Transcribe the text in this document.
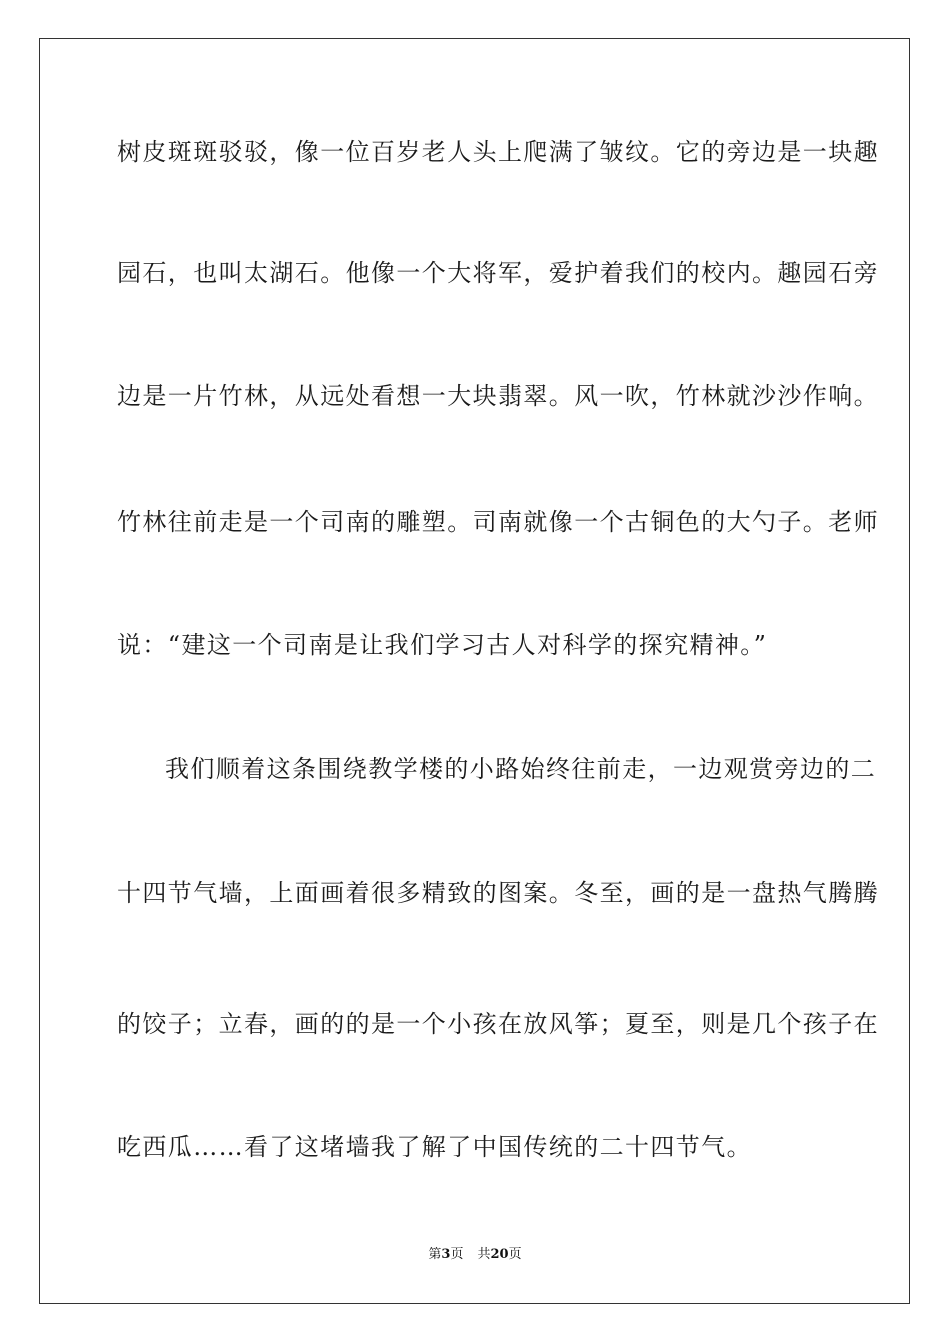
树皮斑斑驳驳，像一位百岁老人头上爬满了皱纹。它的旁边是一块趣
园石，也叫太湖石。他像一个大将军，爱护着我们的校内。趣园石旁
边是一片竹林，从远处看想一大块翡翠。风一吹，竹林就沙沙作响。
竹林往前走是一个司南的雕塑。司南就像一个古铜色的大勺子。老师
说：“建这一个司南是让我们学习古人对科学的探究精神。”
我们顺着这条围绕教学楼的小路始终往前走，一边观赏旁边的二
十四节气墙，上面画着很多精致的图案。冬至，画的是一盘热气腾腾
的饺子；立春，画的的是一个小孩在放风筝；夏至，则是几个孩子在
吃西瓜……看了这堵墙我了解了中国传统的二十四节气。
第3页 共20页
